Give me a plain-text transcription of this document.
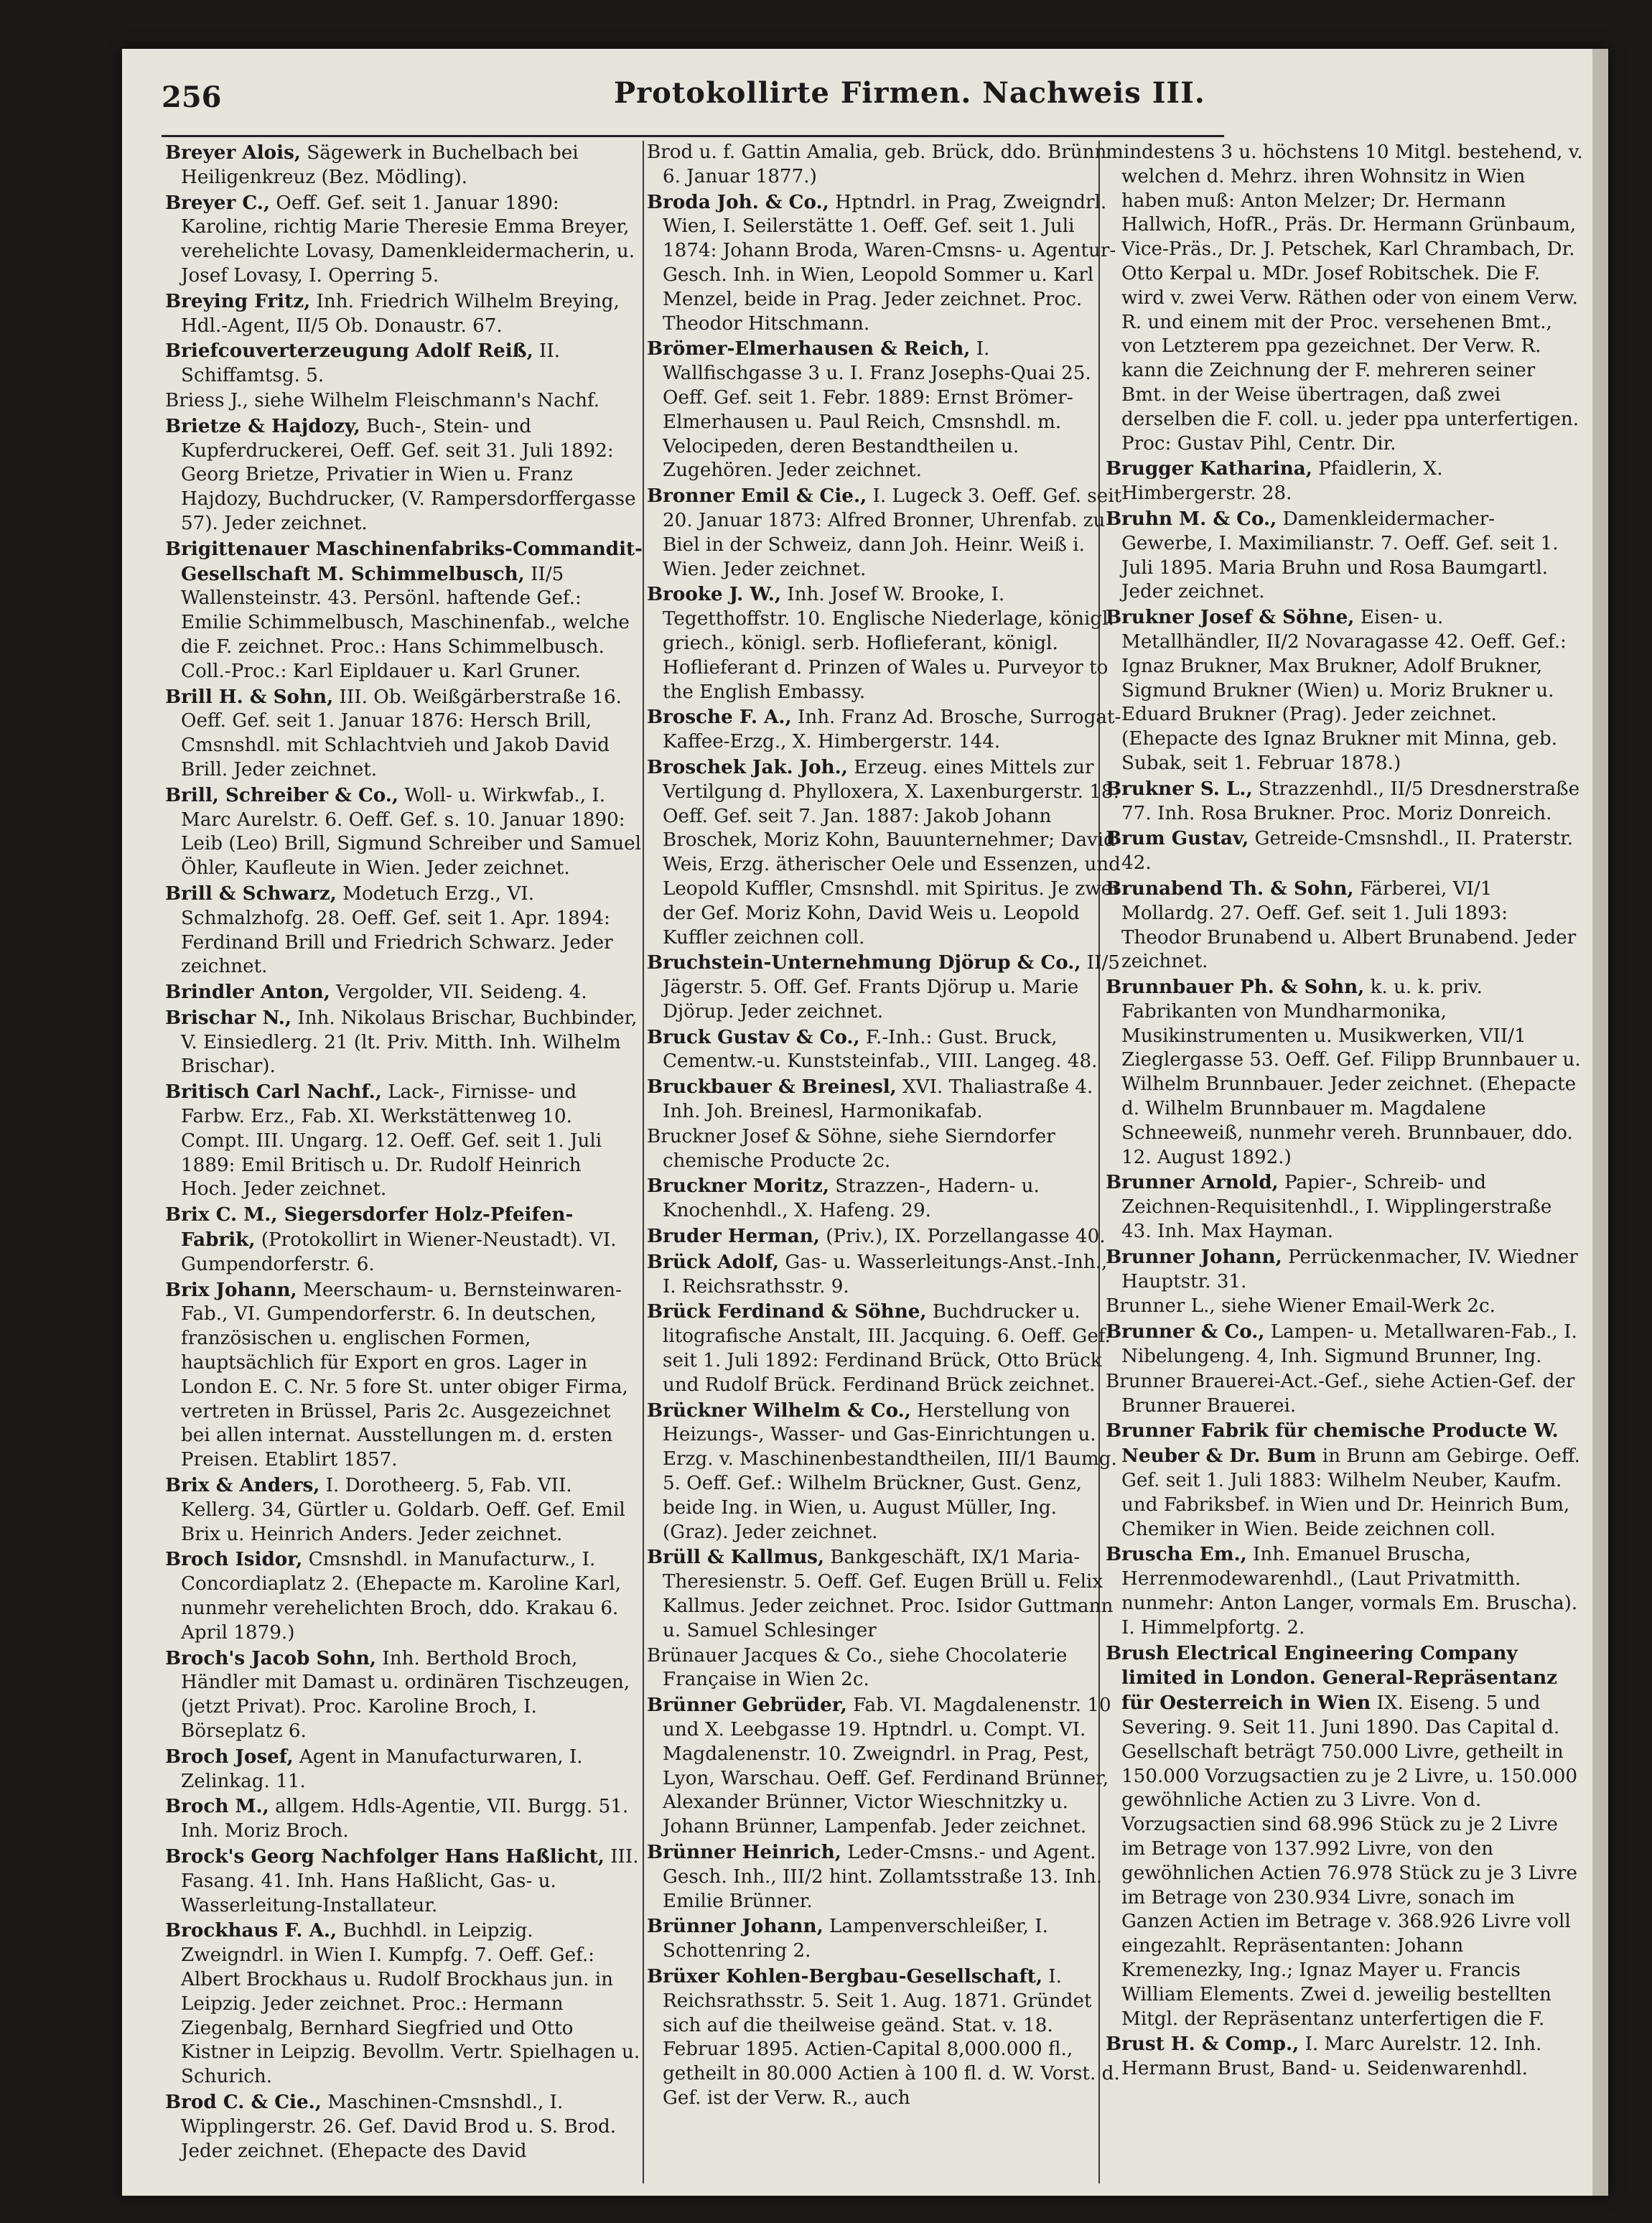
256	Protokollirte Firmen. Nachweis III.
Breyer Alois, Sägewerk in Buchelbach bei Heiligenkreuz (Bez. Mödling).
Breyer C., Oeff. Gef. seit 1. Januar 1890: Karoline, richtig Marie Theresie Emma Breyer, verehelichte Lovasy, Damenkleidermacherin, u. Josef Lovasy, I. Operring 5.
Breying Fritz, Inh. Friedrich Wilhelm Breying, Hdl.-Agent, II/5 Ob. Donaustr. 67.
Briefcouverterzeugung Adolf Reiß, II. Schiffamtsg. 5.
Briess J., siehe Wilhelm Fleischmann's Nachf.
Brietze & Hajdozy, Buch-, Stein- und Kupferdruckerei, Oeff. Gef. seit 31. Juli 1892: Georg Brietze, Privatier in Wien u. Franz Hajdozy, Buchdrucker, (V. Rampersdorffergasse 57). Jeder zeichnet.
Brigittenauer Maschinenfabriks-Commandit-Gesellschaft M. Schimmelbusch, II/5 Wallensteinstr. 43. Persönl. haftende Gef.: Emilie Schimmelbusch, Maschinenfab., welche die F. zeichnet. Proc.: Hans Schimmelbusch. Coll.-Proc.: Karl Eipldauer u. Karl Gruner.
Brill H. & Sohn, III. Ob. Weißgärberstraße 16. Oeff. Gef. seit 1. Januar 1876: Hersch Brill, Cmsnshdl. mit Schlachtvieh und Jakob David Brill. Jeder zeichnet.
Brill, Schreiber & Co., Woll- u. Wirkwfab., I. Marc Aurelstr. 6. Oeff. Gef. s. 10. Januar 1890: Leib (Leo) Brill, Sigmund Schreiber und Samuel Öhler, Kaufleute in Wien. Jeder zeichnet.
Brill & Schwarz, Modetuch Erzg., VI. Schmalzhofg. 28. Oeff. Gef. seit 1. Apr. 1894: Ferdinand Brill und Friedrich Schwarz. Jeder zeichnet.
Brindler Anton, Vergolder, VII. Seideng. 4.
Brischar N., Inh. Nikolaus Brischar, Buchbinder, V. Einsiedlerg. 21 (lt. Priv. Mitth. Inh. Wilhelm Brischar).
Britisch Carl Nachf., Lack-, Firnisse- und Farbw. Erz., Fab. XI. Werkstättenweg 10. Compt. III. Ungarg. 12. Oeff. Gef. seit 1. Juli 1889: Emil Britisch u. Dr. Rudolf Heinrich Hoch. Jeder zeichnet.
Brix C. M., Siegersdorfer Holz-Pfeifen-Fabrik, (Protokollirt in Wiener-Neustadt). VI. Gumpendorferstr. 6.
Brix Johann, Meerschaum- u. Bernsteinwaren-Fab., VI. Gumpendorferstr. 6. In deutschen, französischen u. englischen Formen, hauptsächlich für Export en gros. Lager in London E. C. Nr. 5 fore St. unter obiger Firma, vertreten in Brüssel, Paris 2c. Ausgezeichnet bei allen internat. Ausstellungen m. d. ersten Preisen. Etablirt 1857.
Brix & Anders, I. Dorotheerg. 5, Fab. VII. Kellerg. 34, Gürtler u. Goldarb. Oeff. Gef. Emil Brix u. Heinrich Anders. Jeder zeichnet.
Broch Isidor, Cmsnshdl. in Manufacturw., I. Concordiaplatz 2. (Ehepacte m. Karoline Karl, nunmehr verehelichten Broch, ddo. Krakau 6. April 1879.)
Broch's Jacob Sohn, Inh. Berthold Broch, Händler mit Damast u. ordinären Tischzeugen, (jetzt Privat). Proc. Karoline Broch, I. Börseplatz 6.
Broch Josef, Agent in Manufacturwaren, I. Zelinkag. 11.
Broch M., allgem. Hdls-Agentie, VII. Burgg. 51. Inh. Moriz Broch.
Brock's Georg Nachfolger Hans Haßlicht, III. Fasang. 41. Inh. Hans Haßlicht, Gas- u. Wasserleitung-Installateur.
Brockhaus F. A., Buchhdl. in Leipzig. Zweigndrl. in Wien I. Kumpfg. 7. Oeff. Gef.: Albert Brockhaus u. Rudolf Brockhaus jun. in Leipzig. Jeder zeichnet. Proc.: Hermann Ziegenbalg, Bernhard Siegfried und Otto Kistner in Leipzig. Bevollm. Vertr. Spielhagen u. Schurich.
Brod C. & Cie., Maschinen-Cmsnshdl., I. Wipplingerstr. 26. Gef. David Brod u. S. Brod. Jeder zeichnet. (Ehepacte des David
Brod u. f. Gattin Amalia, geb. Brück, ddo. Brünn 6. Januar 1877.)
Broda Joh. & Co., Hptndrl. in Prag, Zweigndrl. Wien, I. Seilerstätte 1. Oeff. Gef. seit 1. Juli 1874: Johann Broda, Waren-Cmsns- u. Agentur-Gesch. Inh. in Wien, Leopold Sommer u. Karl Menzel, beide in Prag. Jeder zeichnet. Proc. Theodor Hitschmann.
Brömer-Elmerhausen & Reich, I. Wallfischgasse 3 u. I. Franz Josephs-Quai 25. Oeff. Gef. seit 1. Febr. 1889: Ernst Brömer-Elmerhausen u. Paul Reich, Cmsnshdl. m. Velocipeden, deren Bestandtheilen u. Zugehören. Jeder zeichnet.
Bronner Emil & Cie., I. Lugeck 3. Oeff. Gef. seit 20. Januar 1873: Alfred Bronner, Uhrenfab. zu Biel in der Schweiz, dann Joh. Heinr. Weiß i. Wien. Jeder zeichnet.
Brooke J. W., Inh. Josef W. Brooke, I. Tegetthoffstr. 10. Englische Niederlage, königl. griech., königl. serb. Hoflieferant, königl. Hoflieferant d. Prinzen of Wales u. Purveyor to the English Embassy.
Brosche F. A., Inh. Franz Ad. Brosche, Surrogat-Kaffee-Erzg., X. Himbergerstr. 144.
Broschek Jak. Joh., Erzeug. eines Mittels zur Vertilgung d. Phylloxera, X. Laxenburgerstr. 18. Oeff. Gef. seit 7. Jan. 1887: Jakob Johann Broschek, Moriz Kohn, Bauunternehmer; David Weis, Erzg. ätherischer Oele und Essenzen, und Leopold Kuffler, Cmsnshdl. mit Spiritus. Je zwei der Gef. Moriz Kohn, David Weis u. Leopold Kuffler zeichnen coll.
Bruchstein-Unternehmung Djörup & Co., II/5 Jägerstr. 5. Off. Gef. Frants Djörup u. Marie Djörup. Jeder zeichnet.
Bruck Gustav & Co., F.-Inh.: Gust. Bruck, Cementw.-u. Kunststeinfab., VIII. Langeg. 48.
Bruckbauer & Breinesl, XVI. Thaliastraße 4. Inh. Joh. Breinesl, Harmonikafab.
Bruckner Josef & Söhne, siehe Sierndorfer chemische Producte 2c.
Bruckner Moritz, Strazzen-, Hadern- u. Knochenhdl., X. Hafeng. 29.
Bruder Herman, (Priv.), IX. Porzellangasse 40.
Brück Adolf, Gas- u. Wasserleitungs-Anst.-Inh., I. Reichsrathsstr. 9.
Brück Ferdinand & Söhne, Buchdrucker u. litografische Anstalt, III. Jacquing. 6. Oeff. Gef. seit 1. Juli 1892: Ferdinand Brück, Otto Brück und Rudolf Brück. Ferdinand Brück zeichnet.
Brückner Wilhelm & Co., Herstellung von Heizungs-, Wasser- und Gas-Einrichtungen u. Erzg. v. Maschinenbestandtheilen, III/1 Baumg. 5. Oeff. Gef.: Wilhelm Brückner, Gust. Genz, beide Ing. in Wien, u. August Müller, Ing. (Graz). Jeder zeichnet.
Brüll & Kallmus, Bankgeschäft, IX/1 Maria-Theresienstr. 5. Oeff. Gef. Eugen Brüll u. Felix Kallmus. Jeder zeichnet. Proc. Isidor Guttmann u. Samuel Schlesinger
Brünauer Jacques & Co., siehe Chocolaterie Française in Wien 2c.
Brünner Gebrüder, Fab. VI. Magdalenenstr. 10 und X. Leebgasse 19. Hptndrl. u. Compt. VI. Magdalenenstr. 10. Zweigndrl. in Prag, Pest, Lyon, Warschau. Oeff. Gef. Ferdinand Brünner, Alexander Brünner, Victor Wieschnitzky u. Johann Brünner, Lampenfab. Jeder zeichnet.
Brünner Heinrich, Leder-Cmsns.- und Agent. Gesch. Inh., III/2 hint. Zollamtsstraße 13. Inh. Emilie Brünner.
Brünner Johann, Lampenverschleißer, I. Schottenring 2.
Brüxer Kohlen-Bergbau-Gesellschaft, I. Reichsrathsstr. 5. Seit 1. Aug. 1871. Gründet sich auf die theilweise geänd. Stat. v. 18. Februar 1895. Actien-Capital 8,000.000 fl., getheilt in 80.000 Actien à 100 fl. d. W. Vorst. d. Gef. ist der Verw. R., auch
mindestens 3 u. höchstens 10 Mitgl. bestehend, v. welchen d. Mehrz. ihren Wohnsitz in Wien haben muß: Anton Melzer; Dr. Hermann Hallwich, HofR., Präs. Dr. Hermann Grünbaum, Vice-Präs., Dr. J. Petschek, Karl Chrambach, Dr. Otto Kerpal u. MDr. Josef Robitschek. Die F. wird v. zwei Verw. Räthen oder von einem Verw. R. und einem mit der Proc. versehenen Bmt., von Letzterem ppa gezeichnet. Der Verw. R. kann die Zeichnung der F. mehreren seiner Bmt. in der Weise übertragen, daß zwei derselben die F. coll. u. jeder ppa unterfertigen. Proc: Gustav Pihl, Centr. Dir.
Brugger Katharina, Pfaidlerin, X. Himbergerstr. 28.
Bruhn M. & Co., Damenkleidermacher-Gewerbe, I. Maximilianstr. 7. Oeff. Gef. seit 1. Juli 1895. Maria Bruhn und Rosa Baumgartl. Jeder zeichnet.
Brukner Josef & Söhne, Eisen- u. Metallhändler, II/2 Novaragasse 42. Oeff. Gef.: Ignaz Brukner, Max Brukner, Adolf Brukner, Sigmund Brukner (Wien) u. Moriz Brukner u. Eduard Brukner (Prag). Jeder zeichnet. (Ehepacte des Ignaz Brukner mit Minna, geb. Subak, seit 1. Februar 1878.)
Brukner S. L., Strazzenhdl., II/5 Dresdnerstraße 77. Inh. Rosa Brukner. Proc. Moriz Donreich.
Brum Gustav, Getreide-Cmsnshdl., II. Praterstr. 42.
Brunabend Th. & Sohn, Färberei, VI/1 Mollardg. 27. Oeff. Gef. seit 1. Juli 1893: Theodor Brunabend u. Albert Brunabend. Jeder zeichnet.
Brunnbauer Ph. & Sohn, k. u. k. priv. Fabrikanten von Mundharmonika, Musikinstrumenten u. Musikwerken, VII/1 Zieglergasse 53. Oeff. Gef. Filipp Brunnbauer u. Wilhelm Brunnbauer. Jeder zeichnet. (Ehepacte d. Wilhelm Brunnbauer m. Magdalene Schneeweiß, nunmehr vereh. Brunnbauer, ddo. 12. August 1892.)
Brunner Arnold, Papier-, Schreib- und Zeichnen-Requisitenhdl., I. Wipplingerstraße 43. Inh. Max Hayman.
Brunner Johann, Perrückenmacher, IV. Wiedner Hauptstr. 31.
Brunner L., siehe Wiener Email-Werk 2c.
Brunner & Co., Lampen- u. Metallwaren-Fab., I. Nibelungeng. 4, Inh. Sigmund Brunner, Ing.
Brunner Brauerei-Act.-Gef., siehe Actien-Gef. der Brunner Brauerei.
Brunner Fabrik für chemische Producte W. Neuber & Dr. Bum in Brunn am Gebirge. Oeff. Gef. seit 1. Juli 1883: Wilhelm Neuber, Kaufm. und Fabriksbef. in Wien und Dr. Heinrich Bum, Chemiker in Wien. Beide zeichnen coll.
Bruscha Em., Inh. Emanuel Bruscha, Herrenmodewarenhdl., (Laut Privatmitth. nunmehr: Anton Langer, vormals Em. Bruscha). I. Himmelpfortg. 2.
Brush Electrical Engineering Company limited in London. General-Repräsentanz für Oesterreich in Wien IX. Eiseng. 5 und Severing. 9. Seit 11. Juni 1890. Das Capital d. Gesellschaft beträgt 750.000 Livre, getheilt in 150.000 Vorzugsactien zu je 2 Livre, u. 150.000 gewöhnliche Actien zu 3 Livre. Von d. Vorzugsactien sind 68.996 Stück zu je 2 Livre im Betrage von 137.992 Livre, von den gewöhnlichen Actien 76.978 Stück zu je 3 Livre im Betrage von 230.934 Livre, sonach im Ganzen Actien im Betrage v. 368.926 Livre voll eingezahlt. Repräsentanten: Johann Kremenezky, Ing.; Ignaz Mayer u. Francis William Elements. Zwei d. jeweilig bestellten Mitgl. der Repräsentanz unterfertigen die F.
Brust H. & Comp., I. Marc Aurelstr. 12. Inh. Hermann Brust, Band- u. Seidenwarenhdl.
